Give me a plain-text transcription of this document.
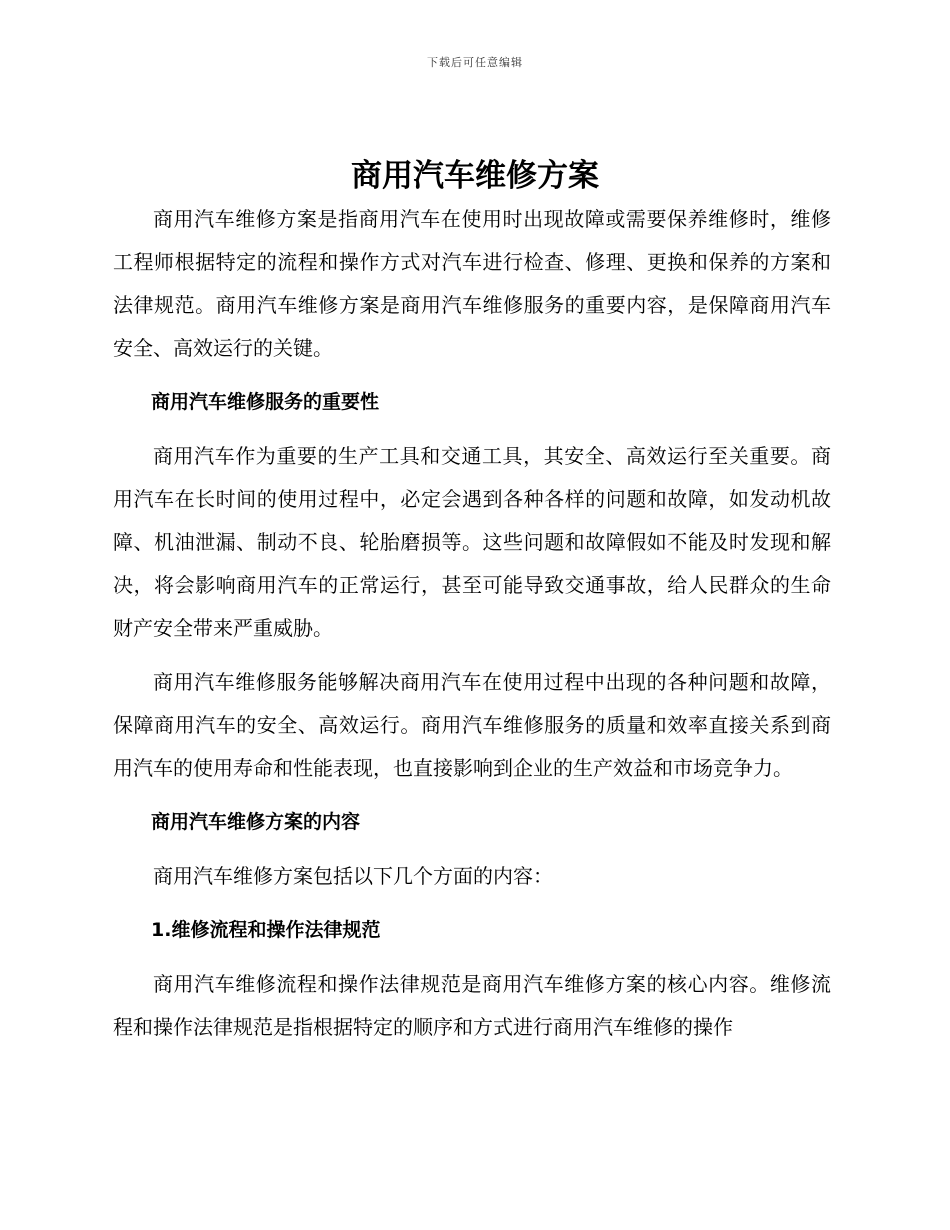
下载后可任意编辑
商用汽车维修方案

商用汽车维修方案是指商用汽车在使用时出现故障或需要保养维修时，维修工程师根据特定的流程和操作方式对汽车进行检查、修理、更换和保养的方案和法律规范。商用汽车维修方案是商用汽车维修服务的重要内容，是保障商用汽车安全、高效运行的关键。

商用汽车维修服务的重要性

商用汽车作为重要的生产工具和交通工具，其安全、高效运行至关重要。商用汽车在长时间的使用过程中，必定会遇到各种各样的问题和故障，如发动机故障、机油泄漏、制动不良、轮胎磨损等。这些问题和故障假如不能及时发现和解决，将会影响商用汽车的正常运行，甚至可能导致交通事故，给人民群众的生命财产安全带来严重威胁。

商用汽车维修服务能够解决商用汽车在使用过程中出现的各种问题和故障，保障商用汽车的安全、高效运行。商用汽车维修服务的质量和效率直接关系到商用汽车的使用寿命和性能表现，也直接影响到企业的生产效益和市场竞争力。

商用汽车维修方案的内容

商用汽车维修方案包括以下几个方面的内容：

1.维修流程和操作法律规范

商用汽车维修流程和操作法律规范是商用汽车维修方案的核心内容。维修流程和操作法律规范是指根据特定的顺序和方式进行商用汽车维修的操作
